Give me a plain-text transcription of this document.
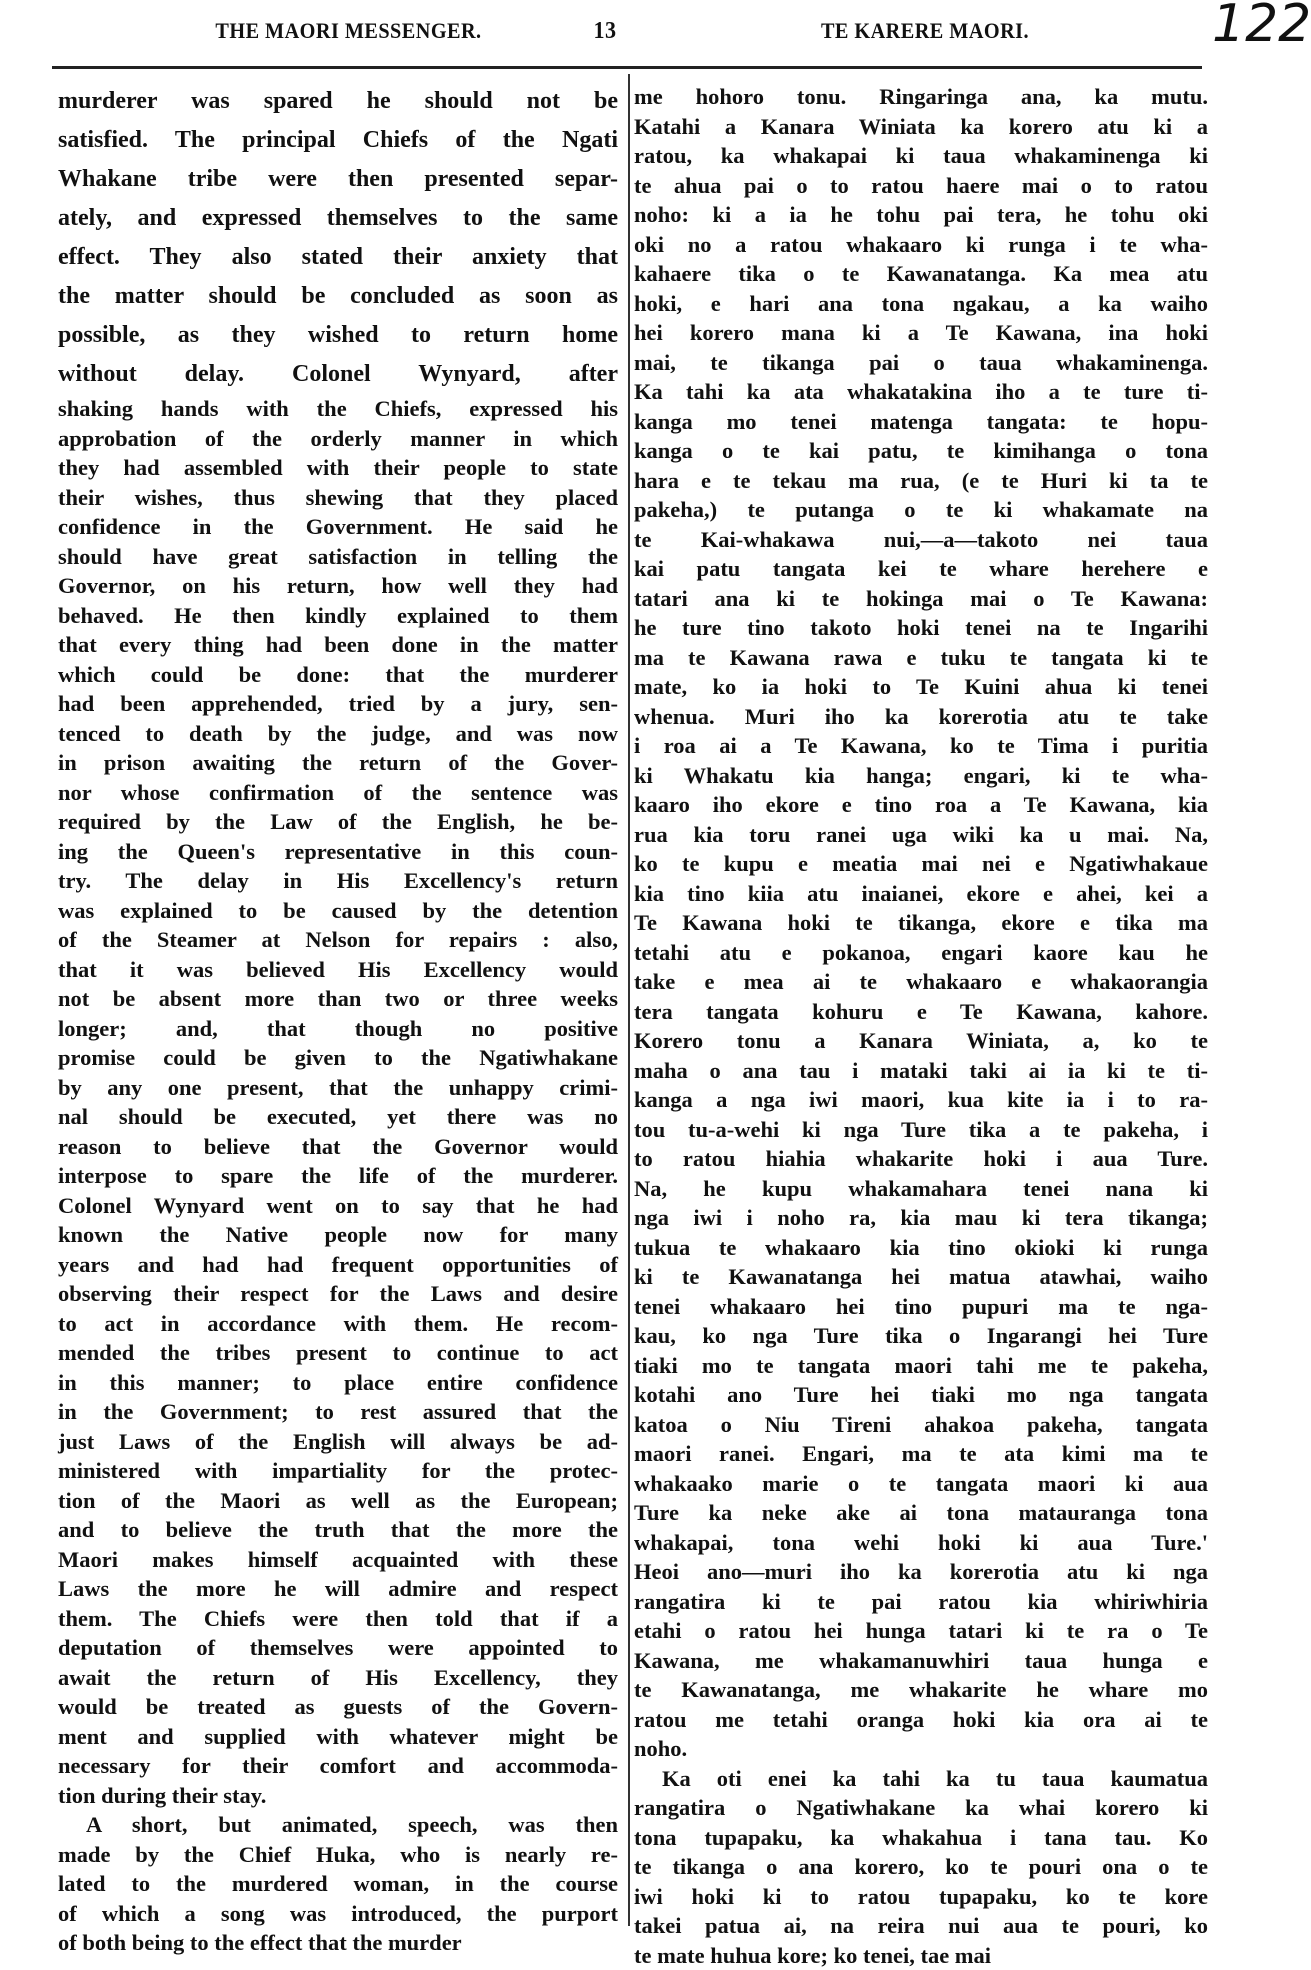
THE MAORI MESSENGER.	13	TE KARERE MAORI.	122
murderer was spared he should not be
satisfied. The principal Chiefs of the Ngati
Whakane tribe were then presented separ-
ately, and expressed themselves to the same
effect. They also stated their anxiety that
the matter should be concluded as soon as
possible, as they wished to return home
without delay. Colonel Wynyard, after
shaking hands with the Chiefs, expressed his
approbation of the orderly manner in which
they had assembled with their people to state
their wishes, thus shewing that they placed
confidence in the Government. He said he
should have great satisfaction in telling the
Governor, on his return, how well they had
behaved. He then kindly explained to them
that every thing had been done in the matter
which could be done: that the murderer
had been apprehended, tried by a jury, sen-
tenced to death by the judge, and was now
in prison awaiting the return of the Gover-
nor whose confirmation of the sentence was
required by the Law of the English, he be-
ing the Queen's representative in this coun-
try. The delay in His Excellency's return
was explained to be caused by the detention
of the Steamer at Nelson for repairs : also,
that it was believed His Excellency would
not be absent more than two or three weeks
longer; and, that though no positive
promise could be given to the Ngatiwhakane
by any one present, that the unhappy crimi-
nal should be executed, yet there was no
reason to believe that the Governor would
interpose to spare the life of the murderer.
Colonel Wynyard went on to say that he had
known the Native people now for many
years and had had frequent opportunities of
observing their respect for the Laws and desire
to act in accordance with them. He recom-
mended the tribes present to continue to act
in this manner; to place entire confidence
in the Government; to rest assured that the
just Laws of the English will always be ad-
ministered with impartiality for the protec-
tion of the Maori as well as the European;
and to believe the truth that the more the
Maori makes himself acquainted with these
Laws the more he will admire and respect
them. The Chiefs were then told that if a
deputation of themselves were appointed to
await the return of His Excellency, they
would be treated as guests of the Govern-
ment and supplied with whatever might be
necessary for their comfort and accommoda-
tion during their stay.
A short, but animated, speech, was then
made by the Chief Huka, who is nearly re-
lated to the murdered woman, in the course
of which a song was introduced, the purport
of both being to the effect that the murder
me hohoro tonu. Ringaringa ana, ka mutu.
Katahi a Kanara Winiata ka korero atu ki a
ratou, ka whakapai ki taua whakaminenga ki
te ahua pai o to ratou haere mai o to ratou
noho: ki a ia he tohu pai tera, he tohu oki
oki no a ratou whakaaro ki runga i te wha-
kahaere tika o te Kawanatanga. Ka mea atu
hoki, e hari ana tona ngakau, a ka waiho
hei korero mana ki a Te Kawana, ina hoki
mai, te tikanga pai o taua whakaminenga.
Ka tahi ka ata whakatakina iho a te ture ti-
kanga mo tenei matenga tangata: te hopu-
kanga o te kai patu, te kimihanga o tona
hara e te tekau ma rua, (e te Huri ki ta te
pakeha,) te putanga o te ki whakamate na
te Kai-whakawa nui,—a—takoto nei taua
kai patu tangata kei te whare herehere e
tatari ana ki te hokinga mai o Te Kawana:
he ture tino takoto hoki tenei na te Ingarihi
ma te Kawana rawa e tuku te tangata ki te
mate, ko ia hoki to Te Kuini ahua ki tenei
whenua. Muri iho ka korerotia atu te take
i roa ai a Te Kawana, ko te Tima i puritia
ki Whakatu kia hanga; engari, ki te wha-
kaaro iho ekore e tino roa a Te Kawana, kia
rua kia toru ranei uga wiki ka u mai. Na,
ko te kupu e meatia mai nei e Ngatiwhakaue
kia tino kiia atu inaianei, ekore e ahei, kei a
Te Kawana hoki te tikanga, ekore e tika ma
tetahi atu e pokanoa, engari kaore kau he
take e mea ai te whakaaro e whakaorangia
tera tangata kohuru e Te Kawana, kahore.
Korero tonu a Kanara Winiata, a, ko te
maha o ana tau i mataki taki ai ia ki te ti-
kanga a nga iwi maori, kua kite ia i to ra-
tou tu-a-wehi ki nga Ture tika a te pakeha, i
to ratou hiahia whakarite hoki i aua Ture.
Na, he kupu whakamahara tenei nana ki
nga iwi i noho ra, kia mau ki tera tikanga;
tukua te whakaaro kia tino okioki ki runga
ki te Kawanatanga hei matua atawhai, waiho
tenei whakaaro hei tino pupuri ma te nga-
kau, ko nga Ture tika o Ingarangi hei Ture
tiaki mo te tangata maori tahi me te pakeha,
kotahi ano Ture hei tiaki mo nga tangata
katoa o Niu Tireni ahakoa pakeha, tangata
maori ranei. Engari, ma te ata kimi ma te
whakaako marie o te tangata maori ki aua
Ture ka neke ake ai tona matauranga tona
whakapai, tona wehi hoki ki aua Ture.'
Heoi ano—muri iho ka korerotia atu ki nga
rangatira ki te pai ratou kia whiriwhiria
etahi o ratou hei hunga tatari ki te ra o Te
Kawana, me whakamanuwhiri taua hunga e
te Kawanatanga, me whakarite he whare mo
ratou me tetahi oranga hoki kia ora ai te
noho.
Ka oti enei ka tahi ka tu taua kaumatua
rangatira o Ngatiwhakane ka whai korero ki
tona tupapaku, ka whakahua i tana tau. Ko
te tikanga o ana korero, ko te pouri ona o te
iwi hoki ki to ratou tupapaku, ko te kore
takei patua ai, na reira nui aua te pouri, ko
te mate huhua kore; ko tenei, tae mai
